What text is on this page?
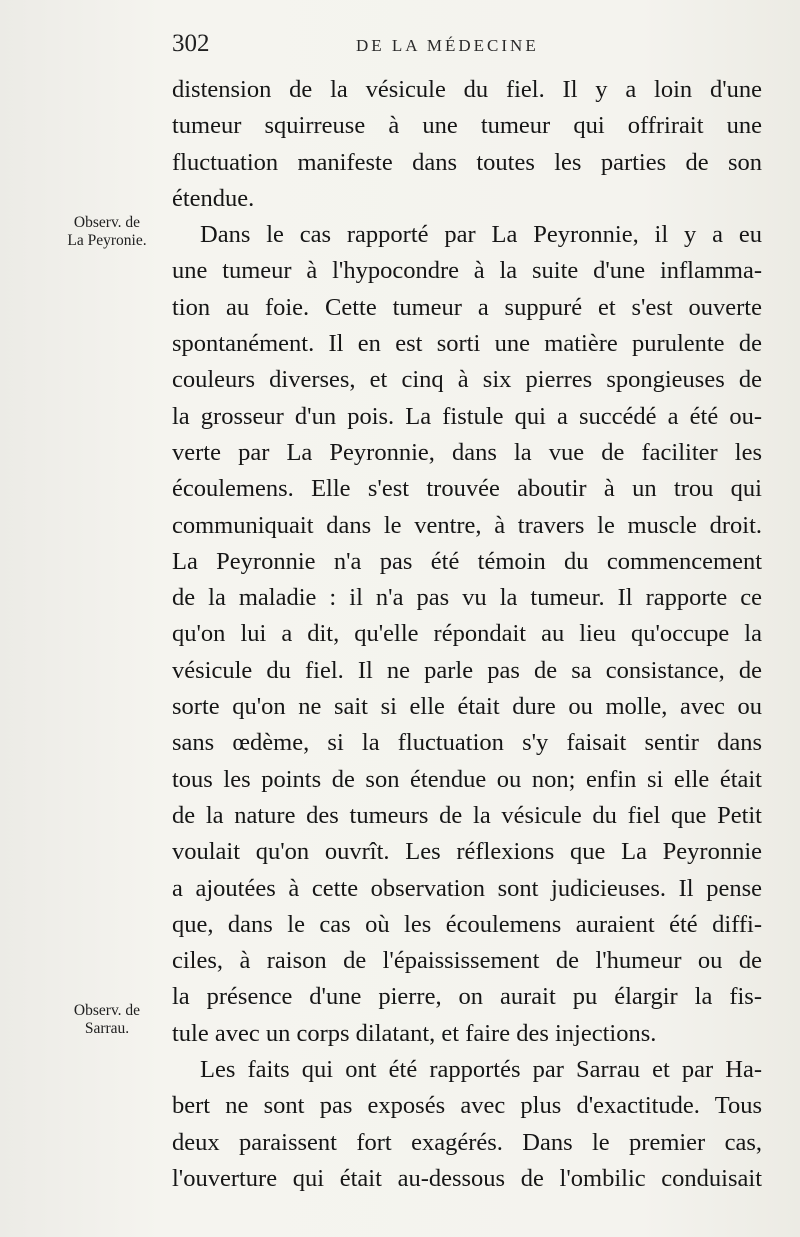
302	DE LA MÉDECINE
Observ. de
La Peyronie.
Observ. de
Sarrau.
distension de la vésicule du fiel. Il y a loin d'une
tumeur squirreuse à une tumeur qui offrirait une
fluctuation manifeste dans toutes les parties de son
étendue.
Dans le cas rapporté par La Peyronnie, il y a eu
une tumeur à l'hypocondre à la suite d'une inflamma-
tion au foie. Cette tumeur a suppuré et s'est ouverte
spontanément. Il en est sorti une matière purulente de
couleurs diverses, et cinq à six pierres spongieuses de
la grosseur d'un pois. La fistule qui a succédé a été ou-
verte par La Peyronnie, dans la vue de faciliter les
écoulemens. Elle s'est trouvée aboutir à un trou qui
communiquait dans le ventre, à travers le muscle droit.
La Peyronnie n'a pas été témoin du commencement
de la maladie : il n'a pas vu la tumeur. Il rapporte ce
qu'on lui a dit, qu'elle répondait au lieu qu'occupe la
vésicule du fiel. Il ne parle pas de sa consistance, de
sorte qu'on ne sait si elle était dure ou molle, avec ou
sans œdème, si la fluctuation s'y faisait sentir dans
tous les points de son étendue ou non; enfin si elle était
de la nature des tumeurs de la vésicule du fiel que Petit
voulait qu'on ouvrît. Les réflexions que La Peyronnie
a ajoutées à cette observation sont judicieuses. Il pense
que, dans le cas où les écoulemens auraient été diffi-
ciles, à raison de l'épaississement de l'humeur ou de
la présence d'une pierre, on aurait pu élargir la fis-
tule avec un corps dilatant, et faire des injections.
Les faits qui ont été rapportés par Sarrau et par Ha-
bert ne sont pas exposés avec plus d'exactitude. Tous
deux paraissent fort exagérés. Dans le premier cas,
l'ouverture qui était au-dessous de l'ombilic conduisait
